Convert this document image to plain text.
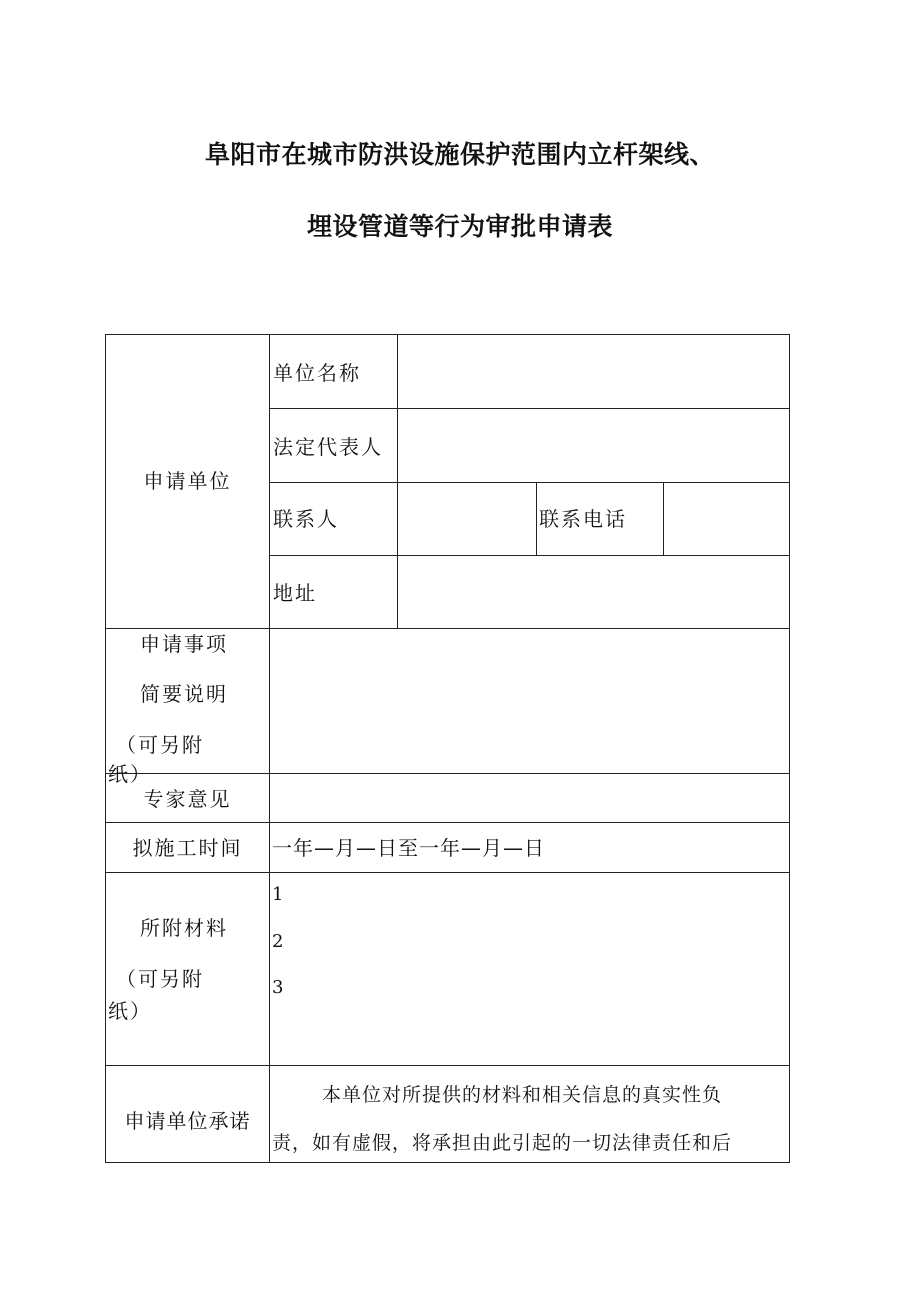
阜阳市在城市防洪设施保护范围内立杆架线、
埋设管道等行为审批申请表
申请单位
单位名称
法定代表人
联系人	联系电话
地址
申请事项
简要说明
（可另附
纸）
专家意见
拟施工时间	一年—月—日至一年—月—日
所附材料
（可另附
纸）
1
2
3
申请单位承诺
本单位对所提供的材料和相关信息的真实性负
责，如有虚假，将承担由此引起的一切法律责任和后
